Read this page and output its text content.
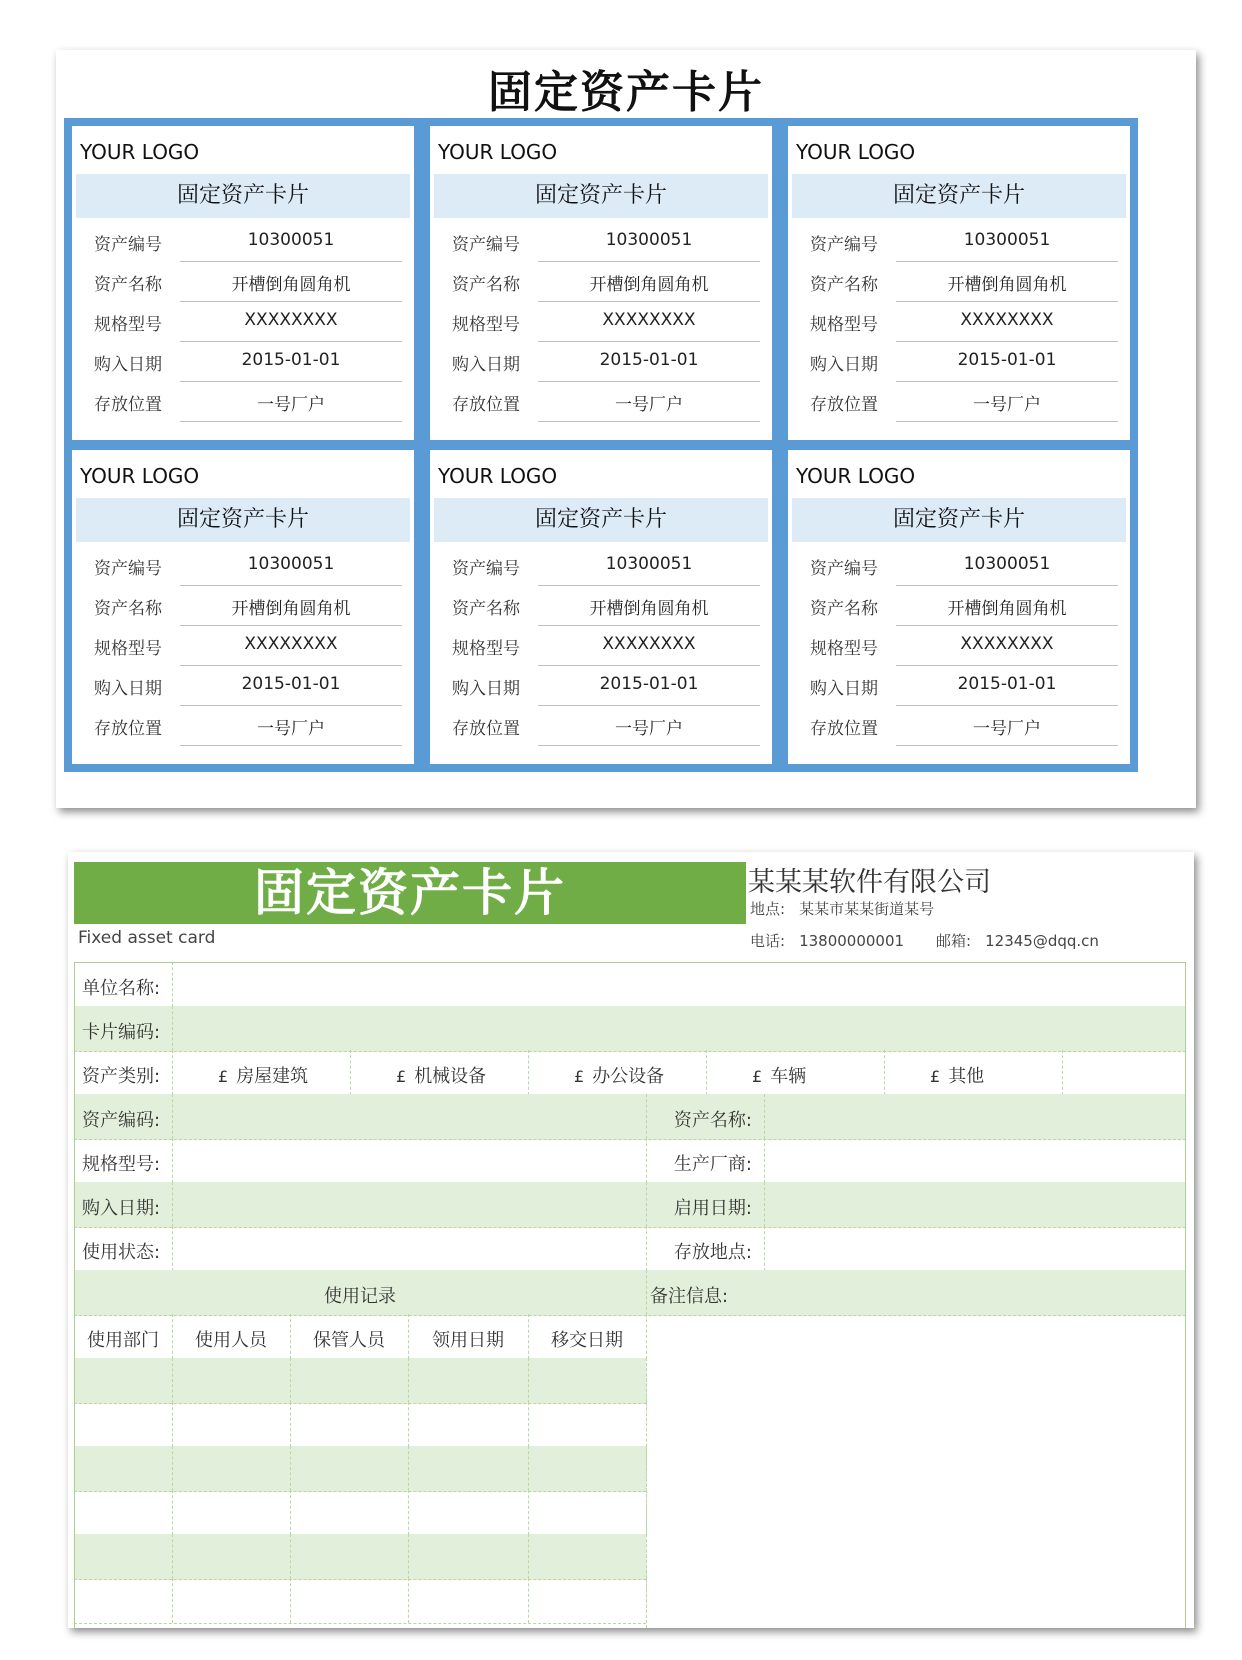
固定资产卡片
YOUR LOGO
固定资产卡片
资产编号	10300051
资产名称	开槽倒角圆角机
规格型号	XXXXXXXX
购入日期	2015-01-01
存放位置	一号厂户
YOUR LOGO
固定资产卡片
资产编号	10300051
资产名称	开槽倒角圆角机
规格型号	XXXXXXXX
购入日期	2015-01-01
存放位置	一号厂户
YOUR LOGO
固定资产卡片
资产编号	10300051
资产名称	开槽倒角圆角机
规格型号	XXXXXXXX
购入日期	2015-01-01
存放位置	一号厂户
YOUR LOGO
固定资产卡片
资产编号	10300051
资产名称	开槽倒角圆角机
规格型号	XXXXXXXX
购入日期	2015-01-01
存放位置	一号厂户
YOUR LOGO
固定资产卡片
资产编号	10300051
资产名称	开槽倒角圆角机
规格型号	XXXXXXXX
购入日期	2015-01-01
存放位置	一号厂户
YOUR LOGO
固定资产卡片
资产编号	10300051
资产名称	开槽倒角圆角机
规格型号	XXXXXXXX
购入日期	2015-01-01
存放位置	一号厂户
固定资产卡片
Fixed asset card
某某某软件有限公司
地点: 某某市某某街道某号
电话: 13800000001 邮箱: 12345@dqq.cn
单位名称:
卡片编码:
资产类别:	£ 房屋建筑	£ 机械设备	£ 办公设备	£ 车辆	£ 其他
资产编码:	资产名称:
规格型号:	生产厂商:
购入日期:	启用日期:
使用状态:	存放地点:
使用记录	备注信息:
使用部门	使用人员	保管人员	领用日期	移交日期
